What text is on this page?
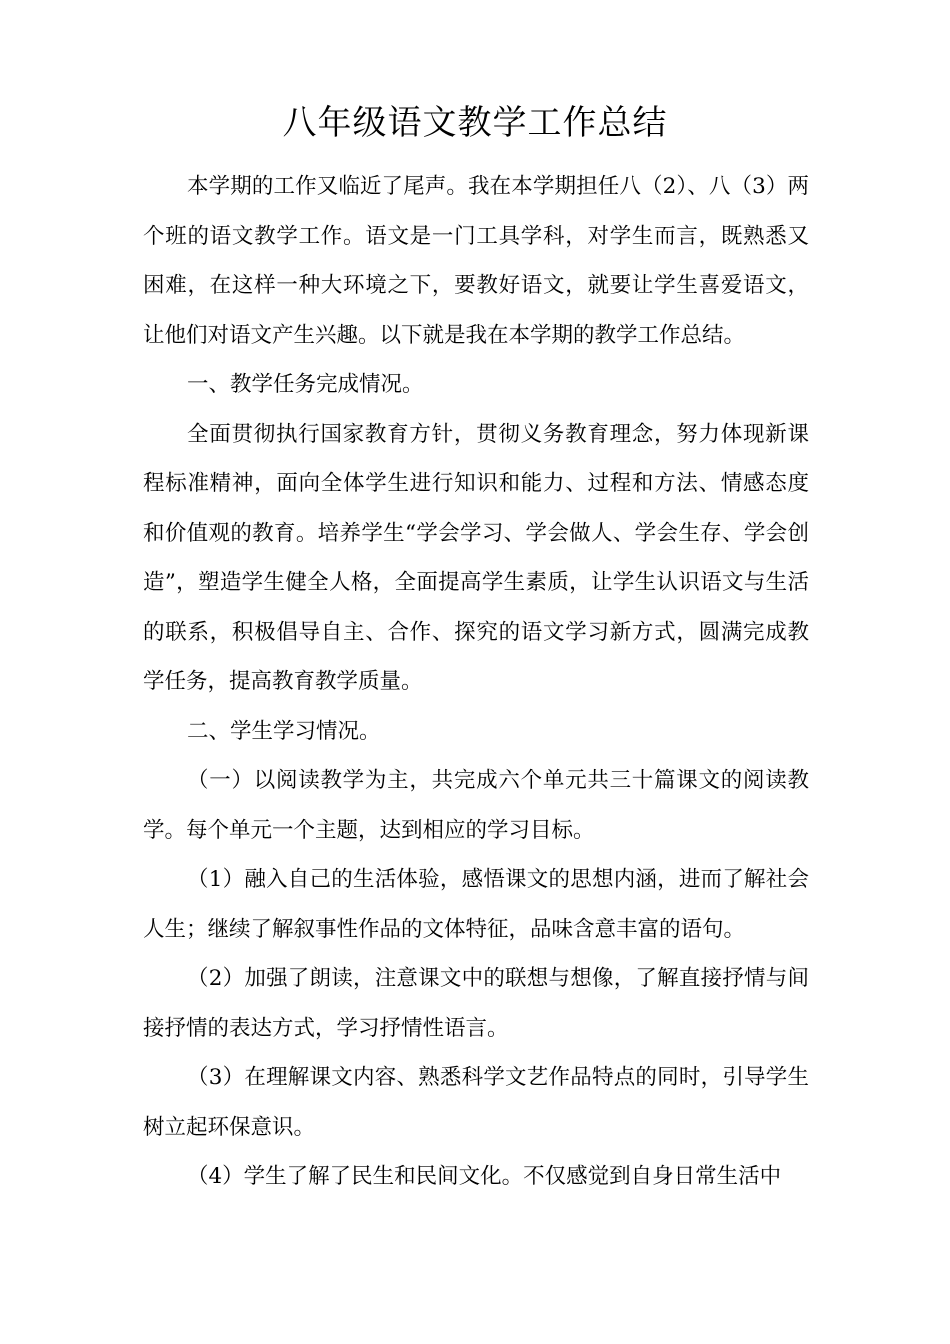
八年级语文教学工作总结

本学期的工作又临近了尾声。我在本学期担任八（2）、八（3）两个班的语文教学工作。语文是一门工具学科，对学生而言，既熟悉又困难，在这样一种大环境之下，要教好语文，就要让学生喜爱语文，让他们对语文产生兴趣。以下就是我在本学期的教学工作总结。

一、教学任务完成情况。

全面贯彻执行国家教育方针，贯彻义务教育理念，努力体现新课程标准精神，面向全体学生进行知识和能力、过程和方法、情感态度和价值观的教育。培养学生“学会学习、学会做人、学会生存、学会创造”，塑造学生健全人格，全面提高学生素质，让学生认识语文与生活的联系，积极倡导自主、合作、探究的语文学习新方式，圆满完成教学任务，提高教育教学质量。

二、学生学习情况。

（一）以阅读教学为主，共完成六个单元共三十篇课文的阅读教学。每个单元一个主题，达到相应的学习目标。

（1）融入自己的生活体验，感悟课文的思想内涵，进而了解社会人生；继续了解叙事性作品的文体特征，品味含意丰富的语句。

（2）加强了朗读，注意课文中的联想与想像，了解直接抒情与间接抒情的表达方式，学习抒情性语言。

（3）在理解课文内容、熟悉科学文艺作品特点的同时，引导学生树立起环保意识。

（4）学生了解了民生和民间文化。不仅感觉到自身日常生活中
